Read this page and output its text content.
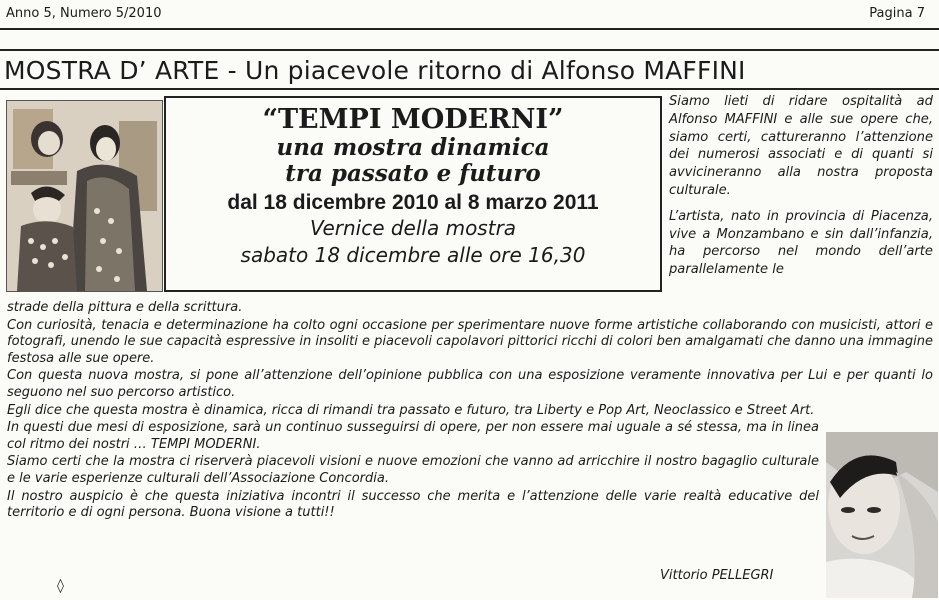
Anno 5, Numero 5/2010	Pagina 7
MOSTRA D’ ARTE - Un piacevole ritorno di Alfonso MAFFINI
“TEMPI MODERNI”
una mostra dinamica
tra passato e futuro
dal 18 dicembre 2010 al 8 marzo 2011
Vernice della mostra
sabato 18 dicembre alle ore 16,30

Siamo lieti di ridare ospitalità ad Alfonso MAFFINI e alle sue opere che, siamo certi, cattureranno l’attenzione dei numerosi associati e di quanti si avvicineranno alla nostra proposta culturale.

L’artista, nato in provincia di Piacenza, vive a Monzambano e sin dall’infanzia, ha percorso nel mondo dell’arte parallelamente le

strade della pittura e della scrittura.

Con curiosità, tenacia e determinazione ha colto ogni occasione per sperimentare nuove forme artistiche collaborando con musicisti, attori e fotografi, unendo le sue capacità espressive in insoliti e piacevoli capolavori pittorici ricchi di colori ben amalgamati che danno una immagine festosa alle sue opere.

Con questa nuova mostra, si pone all’attenzione dell’opinione pubblica con una esposizione veramente innovativa per Lui e per quanti lo seguono nel suo percorso artistico.

Egli dice che questa mostra è dinamica, ricca di rimandi tra passato e futuro, tra Liberty e Pop Art, Neoclassico e Street Art.

In questi due mesi di esposizione, sarà un continuo susseguirsi di opere, per non essere mai uguale a sé stessa, ma in linea col ritmo dei nostri … TEMPI MODERNI.

Siamo certi che la mostra ci riserverà piacevoli visioni e nuove emozioni che vanno ad arricchire il nostro bagaglio culturale e le varie esperienze culturali dell’Associazione Concordia.

Il nostro auspicio è che questa iniziativa incontri il successo che merita e l’attenzione delle varie realtà educative del territorio e di ogni persona. Buona visione a tutti!!

Vittorio PELLEGRI
◊
